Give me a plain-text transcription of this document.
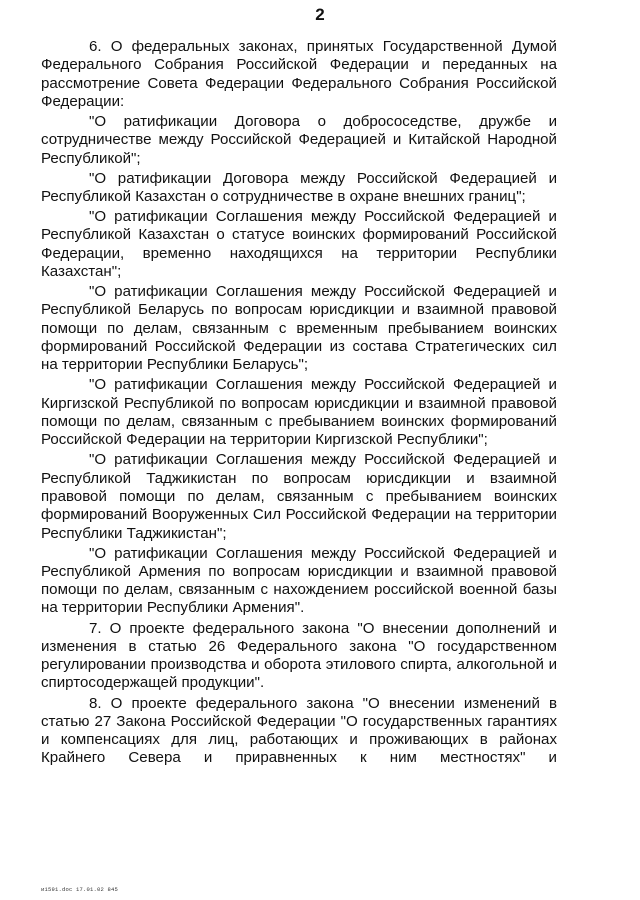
2

6. О федеральных законах, принятых Государственной Думой Федерального Собрания Российской Федерации и переданных на рассмотрение Совета Федерации Федерального Собрания Российской Федерации:

"О ратификации Договора о добрососедстве, дружбе и сотрудничестве между Российской Федерацией и Китайской Народной Республикой";

"О ратификации Договора между Российской Федерацией и Республикой Казахстан о сотрудничестве в охране внешних границ";

"О ратификации Соглашения между Российской Федерацией и Республикой Казахстан о статусе воинских формирований Российской Федерации, временно находящихся на территории Республики Казахстан";

"О ратификации Соглашения между Российской Федерацией и Республикой Беларусь по вопросам юрисдикции и взаимной правовой помощи по делам, связанным с временным пребыванием воинских формирований Российской Федерации из состава Стратегических сил на территории Республики Беларусь";

"О ратификации Соглашения между Российской Федерацией и Киргизской Республикой по вопросам юрисдикции и взаимной правовой помощи по делам, связанным с пребыванием воинских формирований Российской Федерации на территории Киргизской Республики";

"О ратификации Соглашения между Российской Федерацией и Республикой Таджикистан по вопросам юрисдикции и взаимной правовой помощи по делам, связанным с пребыванием воинских формирований Вооруженных Сил Российской Федерации на территории Республики Таджикистан";

"О ратификации Соглашения между Российской Федерацией и Республикой Армения по вопросам юрисдикции и взаимной правовой помощи по делам, связанным с нахождением российской военной базы на территории Республики Армения".

7. О проекте федерального закона "О внесении дополнений и изменения в статью 26 Федерального закона "О государственном регулировании производства и оборота этилового спирта, алкогольной и спиртосодержащей продукции".

8. О проекте федерального закона "О внесении изменений в статью 27 Закона Российской Федерации "О государственных гарантиях и компенсациях для лиц, работающих и проживающих в районах Крайнего Севера и приравненных к ним местностях" и

и1591.doc 17.01.02 845
